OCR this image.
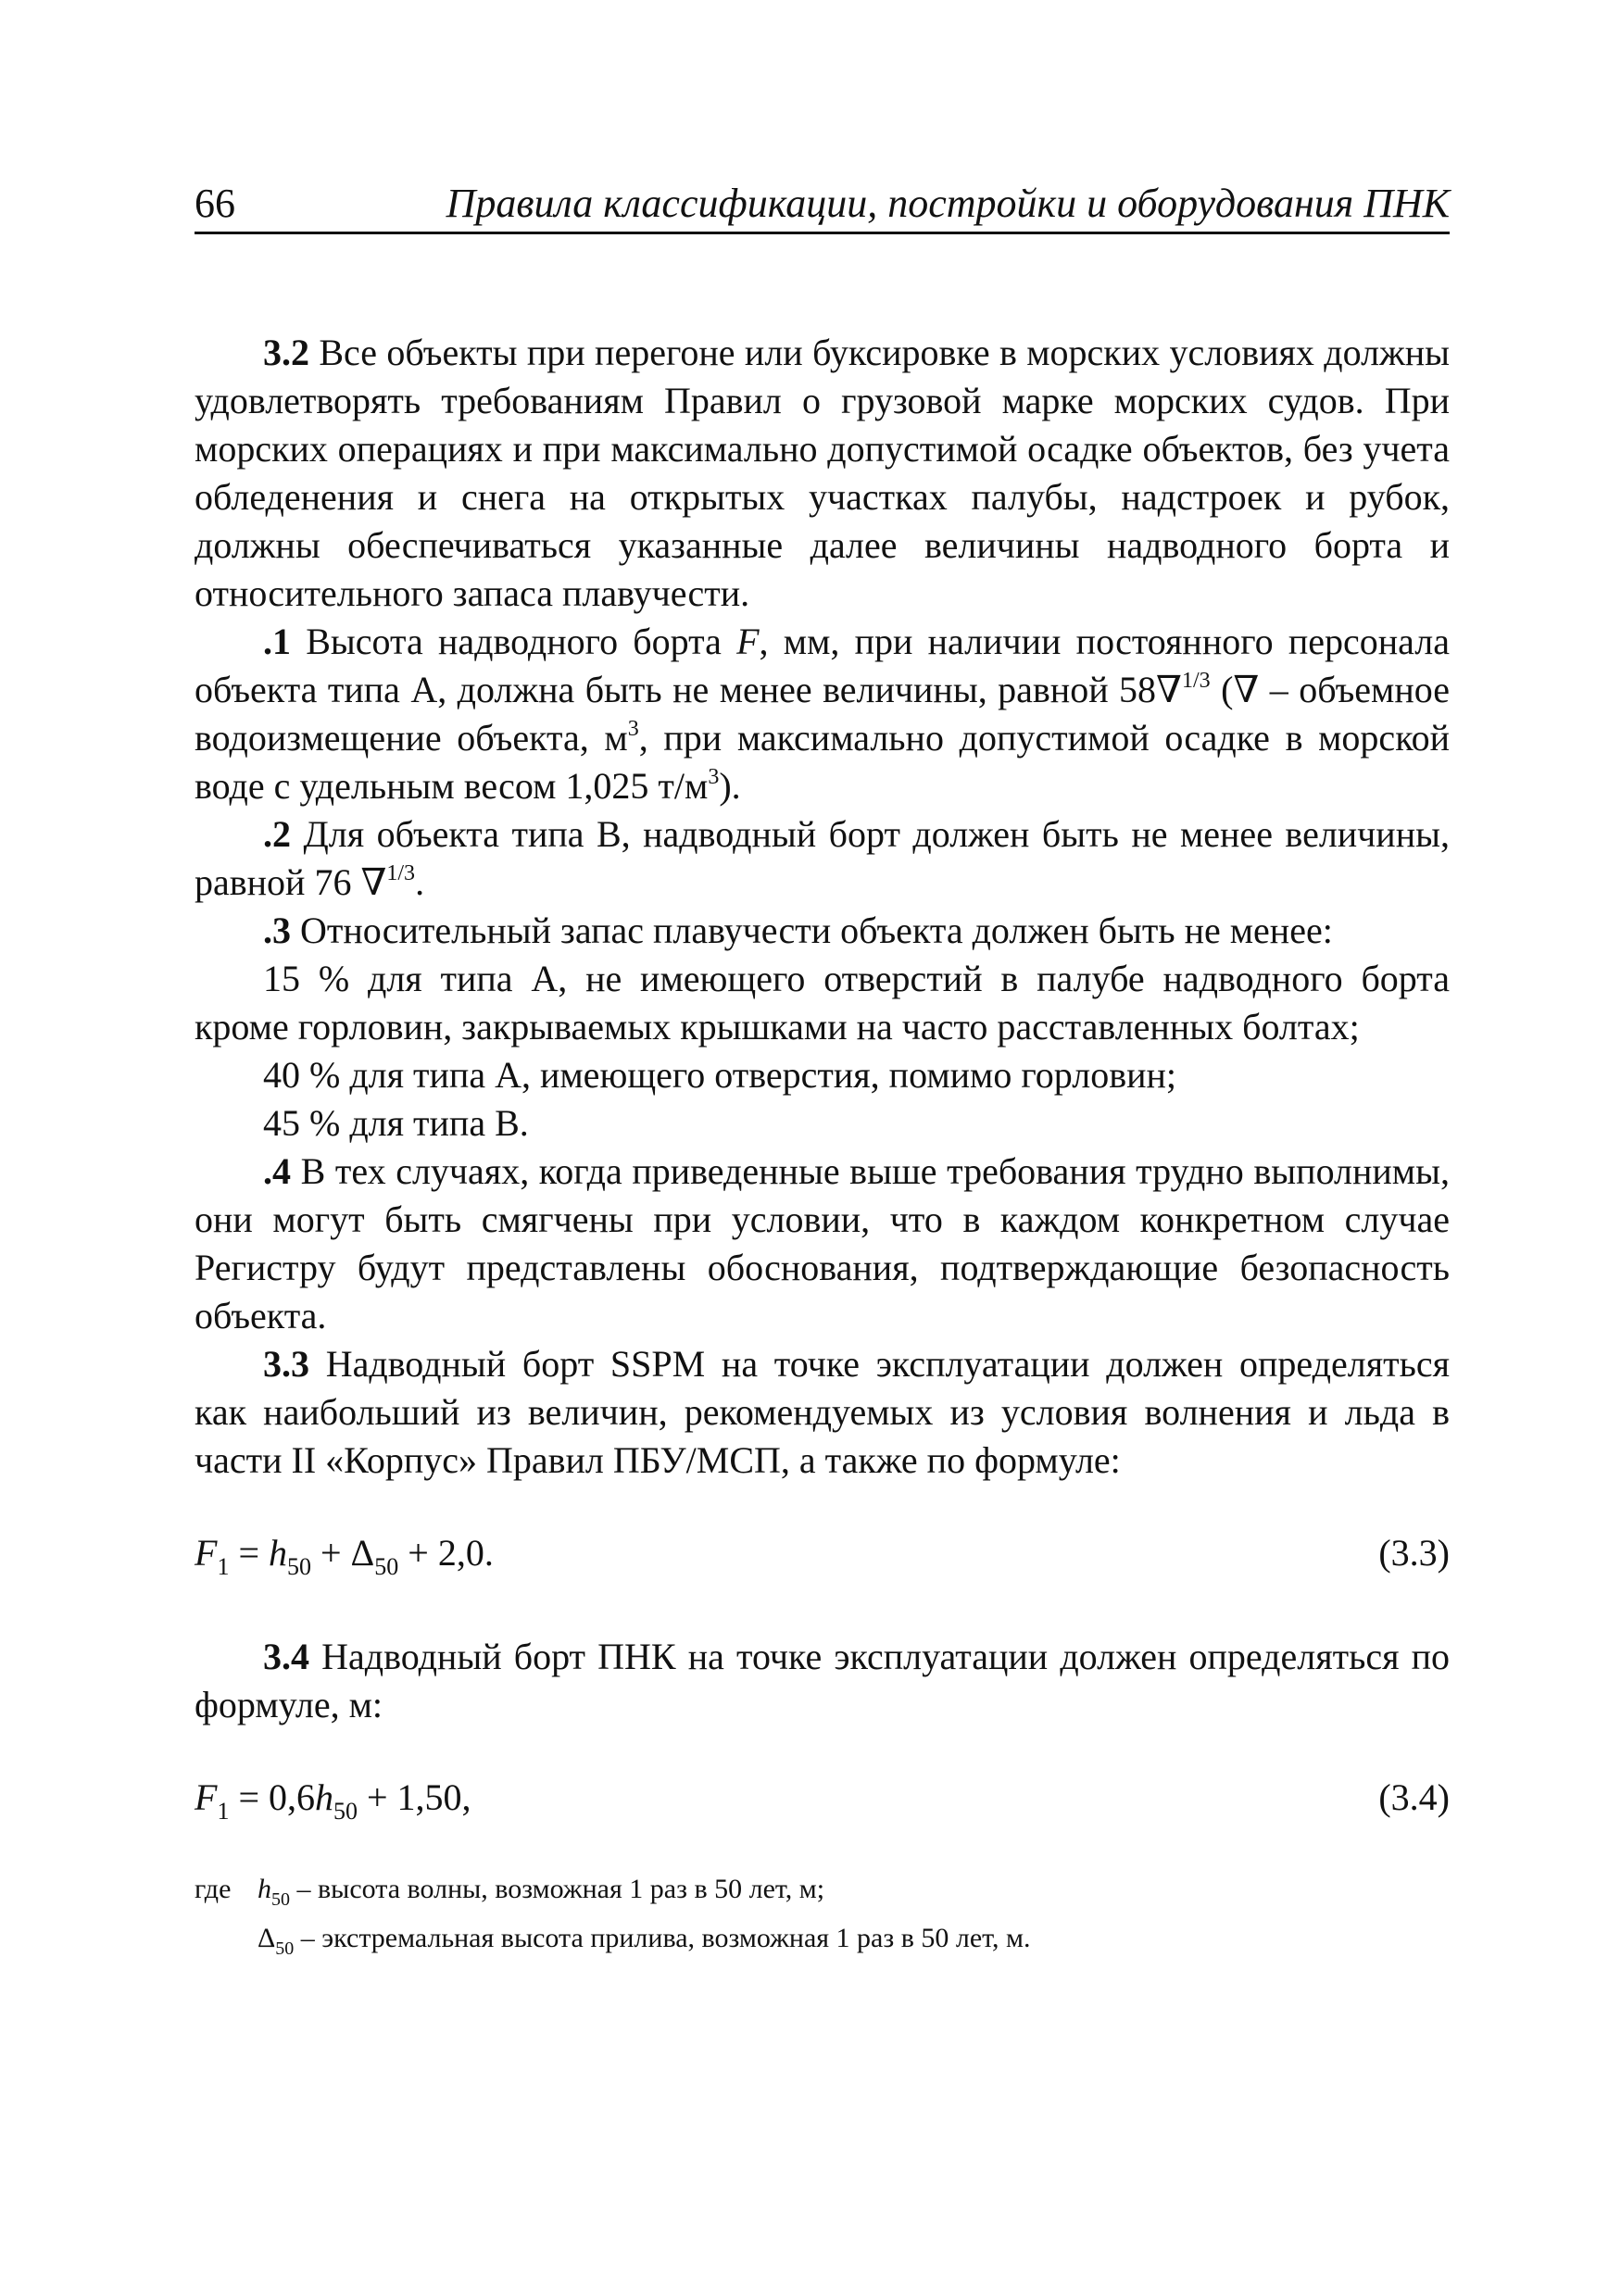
66	Правила классификации, постройки и оборудования ПНК

3.2 Все объекты при перегоне или буксировке в морских условиях должны удовлетворять требованиям Правил о грузовой марке морских судов. При морских операциях и при максимально допустимой осадке объектов, без учета обледенения и снега на открытых участках палубы, надстроек и рубок, должны обеспечиваться указанные далее величины надводного борта и относительного запаса плавучести.

.1 Высота надводного борта F, мм, при наличии постоянного персонала объекта типа A, должна быть не менее величины, равной 58∇$^{1/3}$ (∇ – объемное водоизмещение объекта, $м^3$, при максимально допустимой осадке в морской воде с удельным весом 1,025 $т/м^3$).

.2 Для объекта типа В, надводный борт должен быть не менее величины, равной 76 ∇$^{1/3}$.

.3 Относительный запас плавучести объекта должен быть не менее:

15 % для типа А, не имеющего отверстий в палубе надводного борта кроме горловин, закрываемых крышками на часто расставленных болтах;

40 % для типа А, имеющего отверстия, помимо горловин;

45 % для типа В.

.4 В тех случаях, когда приведенные выше требования трудно выполнимы, они могут быть смягчены при условии, что в каждом конкретном случае Регистру будут представлены обоснования, подтверждающие безопасность объекта.

3.3 Надводный борт SSPM на точке эксплуатации должен определяться как наибольший из величин, рекомендуемых из условия волнения и льда в части II «Корпус» Правил ПБУ/МСП, а также по формуле:

$F_1 = h_{50} + \Delta_{50} + 2,0$.	(3.3)

3.4 Надводный борт ПНК на точке эксплуатации должен определяться по формуле, м:

$F_1 = 0,6h_{50} + 1,50$,	(3.4)
где $h_{50}$ – высота волны, возможная 1 раз в 50 лет, м;
$\Delta_{50}$ – экстремальная высота прилива, возможная 1 раз в 50 лет, м.
